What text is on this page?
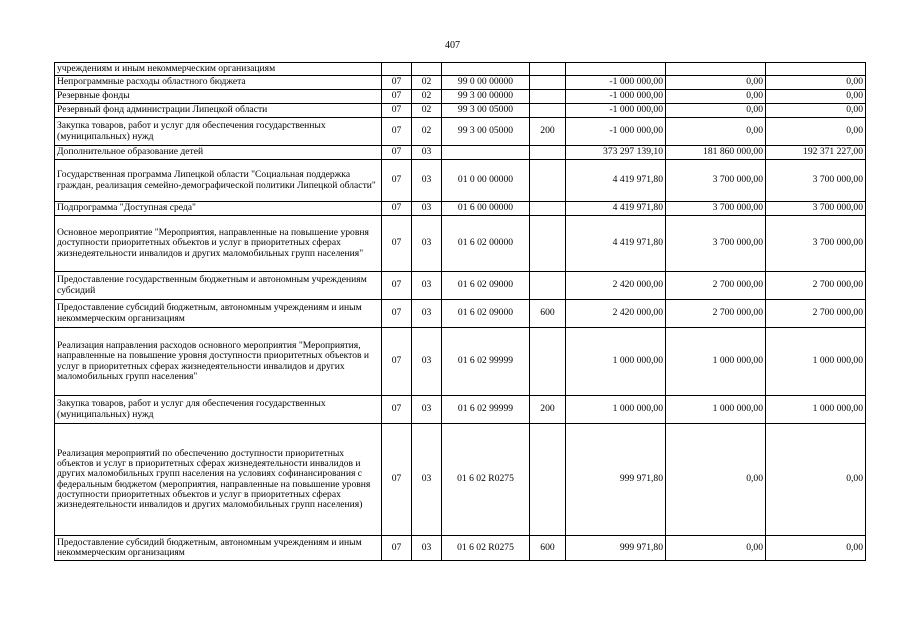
407
учреждениям и иным некоммерческим организациям							
Непрограммные расходы областного бюджета	07	02	99 0 00 00000		-1 000 000,00	0,00	0,00
Резервные фонды	07	02	99 3 00 00000		-1 000 000,00	0,00	0,00
Резервный фонд администрации Липецкой области	07	02	99 3 00 05000		-1 000 000,00	0,00	0,00
Закупка товаров, работ и услуг для обеспечения государственных (муниципальных) нужд	07	02	99 3 00 05000	200	-1 000 000,00	0,00	0,00
Дополнительное образование детей	07	03			373 297 139,10	181 860 000,00	192 371 227,00
Государственная программа Липецкой области "Социальная поддержка граждан, реализация семейно-демографической политики Липецкой области"	07	03	01 0 00 00000		4 419 971,80	3 700 000,00	3 700 000,00
Подпрограмма "Доступная среда"	07	03	01 6 00 00000		4 419 971,80	3 700 000,00	3 700 000,00
Основное мероприятие "Мероприятия, направленные на повышение уровня доступности приоритетных объектов и услуг в приоритетных сферах жизнедеятельности инвалидов и других маломобильных групп населения"	07	03	01 6 02 00000		4 419 971,80	3 700 000,00	3 700 000,00
Предоставление государственным бюджетным и автономным учреждениям субсидий	07	03	01 6 02 09000		2 420 000,00	2 700 000,00	2 700 000,00
Предоставление субсидий бюджетным, автономным учреждениям и иным некоммерческим организациям	07	03	01 6 02 09000	600	2 420 000,00	2 700 000,00	2 700 000,00
Реализация направления расходов основного мероприятия "Мероприятия, направленные на повышение уровня доступности приоритетных объектов и услуг в приоритетных сферах жизнедеятельности инвалидов и других маломобильных групп населения"	07	03	01 6 02 99999		1 000 000,00	1 000 000,00	1 000 000,00
Закупка товаров, работ и услуг для обеспечения государственных (муниципальных) нужд	07	03	01 6 02 99999	200	1 000 000,00	1 000 000,00	1 000 000,00
Реализация мероприятий по обеспечению доступности приоритетных объектов и услуг в приоритетных сферах жизнедеятельности инвалидов и других маломобильных групп населения на условиях софинансирования с федеральным бюджетом (мероприятия, направленные на повышение уровня доступности приоритетных объектов и услуг в приоритетных сферах жизнедеятельности инвалидов и других маломобильных групп населения)	07	03	01 6 02 R0275		999 971,80	0,00	0,00
Предоставление субсидий бюджетным, автономным учреждениям и иным некоммерческим организациям	07	03	01 6 02 R0275	600	999 971,80	0,00	0,00
